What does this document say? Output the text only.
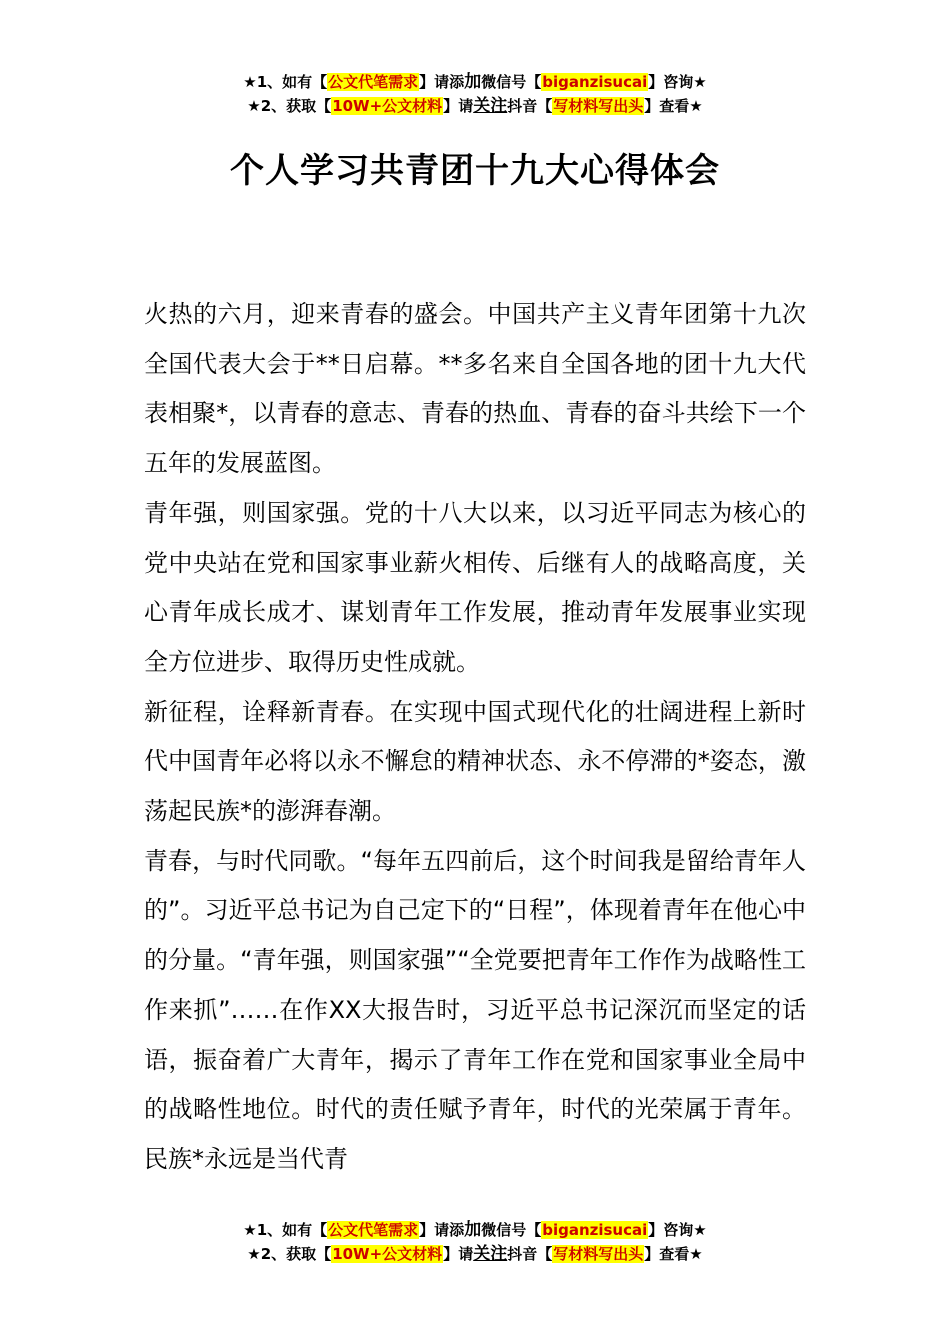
★1、如有【公文代笔需求】请添加微信号【biganzisucai】咨询★
★2、获取【10W+公文材料】请关注抖音【写材料写出头】查看★
个人学习共青团十九大心得体会

火热的六月，迎来青春的盛会。中国共产主义青年团第十九次全国代表大会于**日启幕。**多名来自全国各地的团十九大代表相聚*，以青春的意志、青春的热血、青春的奋斗共绘下一个五年的发展蓝图。

青年强，则国家强。党的十八大以来，以习近平同志为核心的党中央站在党和国家事业薪火相传、后继有人的战略高度，关心青年成长成才、谋划青年工作发展，推动青年发展事业实现全方位进步、取得历史性成就。

新征程，诠释新青春。在实现中国式现代化的壮阔进程上新时代中国青年必将以永不懈怠的精神状态、永不停滞的*姿态，激荡起民族*的澎湃春潮。

青春，与时代同歌。“每年五四前后，这个时间我是留给青年人的”。习近平总书记为自己定下的“日程”，体现着青年在他心中的分量。“青年强，则国家强”“全党要把青年工作作为战略性工作来抓”……在作XX大报告时，习近平总书记深沉而坚定的话语，振奋着广大青年，揭示了青年工作在党和国家事业全局中的战略性地位。时代的责任赋予青年，时代的光荣属于青年。民族*永远是当代青

★1、如有【公文代笔需求】请添加微信号【biganzisucai】咨询★
★2、获取【10W+公文材料】请关注抖音【写材料写出头】查看★
